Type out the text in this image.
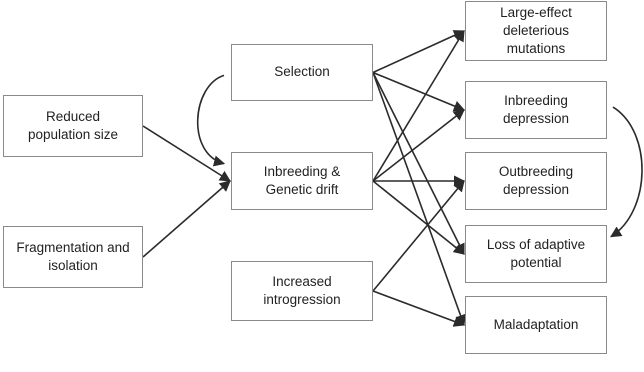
Reduced
population size
Fragmentation and
isolation
Selection
Inbreeding &
Genetic drift
Increased
introgression
Large-effect
deleterious
mutations
Inbreeding
depression
Outbreeding
depression
Loss of adaptive
potential
Maladaptation
